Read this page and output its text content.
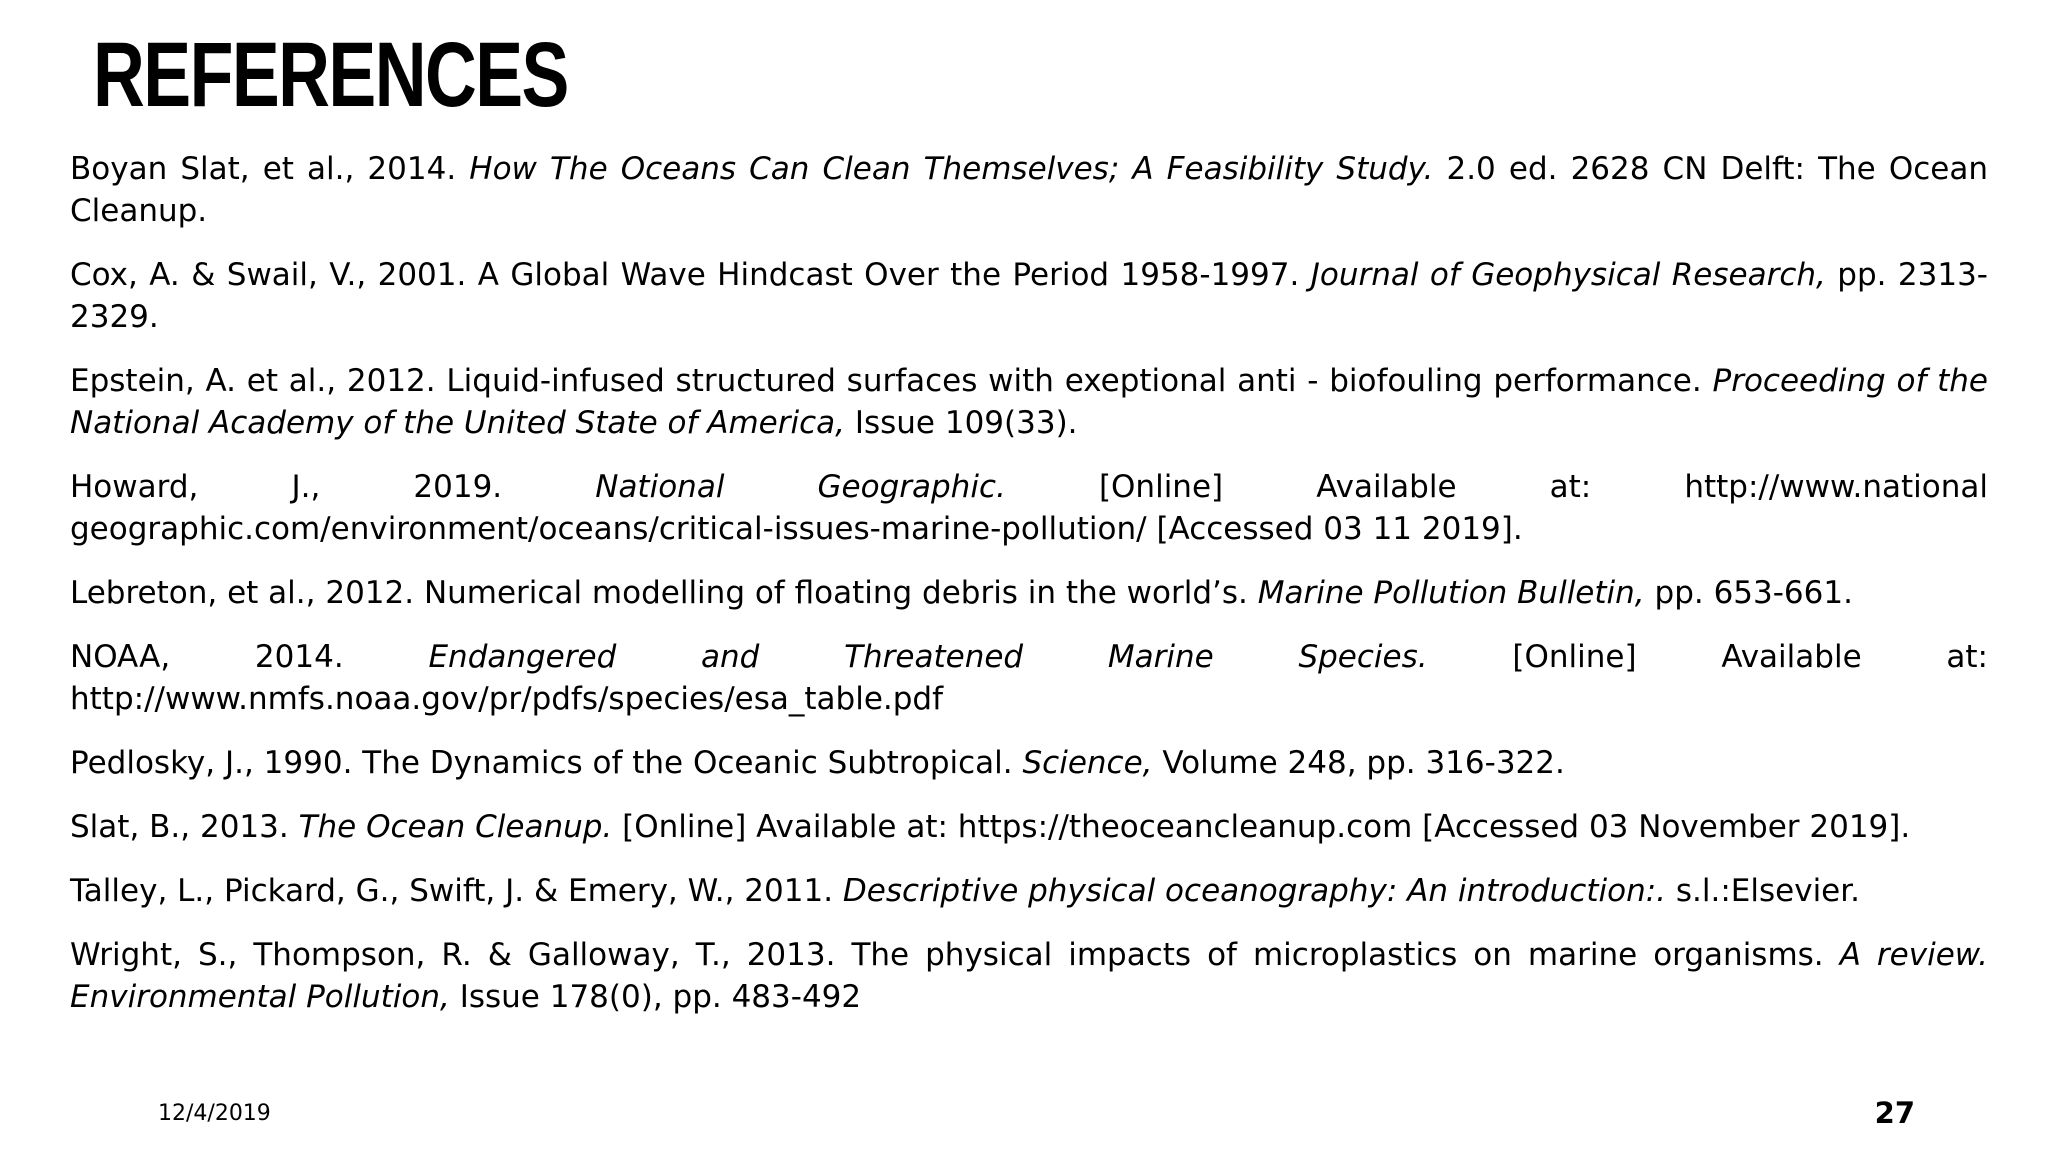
REFERENCES
Boyan Slat, et al., 2014. How The Oceans Can Clean Themselves; A Feasibility Study. 2.0 ed. 2628 CN Delft: The Ocean Cleanup.
Cox, A. & Swail, V., 2001. A Global Wave Hindcast Over the Period 1958-1997. Journal of Geophysical Research, pp. 2313-2329.
Epstein, A. et al., 2012. Liquid-infused structured surfaces with exeptional anti - biofouling performance. Proceeding of the National Academy of the United State of America, Issue 109(33).
Howard, J., 2019. National Geographic. [Online] Available at: http://www.national geographic.com/environment/oceans/critical-issues-marine-pollution/ [Accessed 03 11 2019].
Lebreton, et al., 2012. Numerical modelling of floating debris in the world’s. Marine Pollution Bulletin, pp. 653-661.
NOAA, 2014. Endangered and Threatened Marine Species. [Online] Available at: http://www.nmfs.noaa.gov/pr/pdfs/species/esa_table.pdf
Pedlosky, J., 1990. The Dynamics of the Oceanic Subtropical. Science, Volume 248, pp. 316-322.
Slat, B., 2013. The Ocean Cleanup. [Online] Available at: https://theoceancleanup.com [Accessed 03 November 2019].
Talley, L., Pickard, G., Swift, J. & Emery, W., 2011. Descriptive physical oceanography: An introduction:. s.l.:Elsevier.
Wright, S., Thompson, R. & Galloway, T., 2013. The physical impacts of microplastics on marine organisms. A review. Environmental Pollution, Issue 178(0), pp. 483-492
12/4/2019	27
